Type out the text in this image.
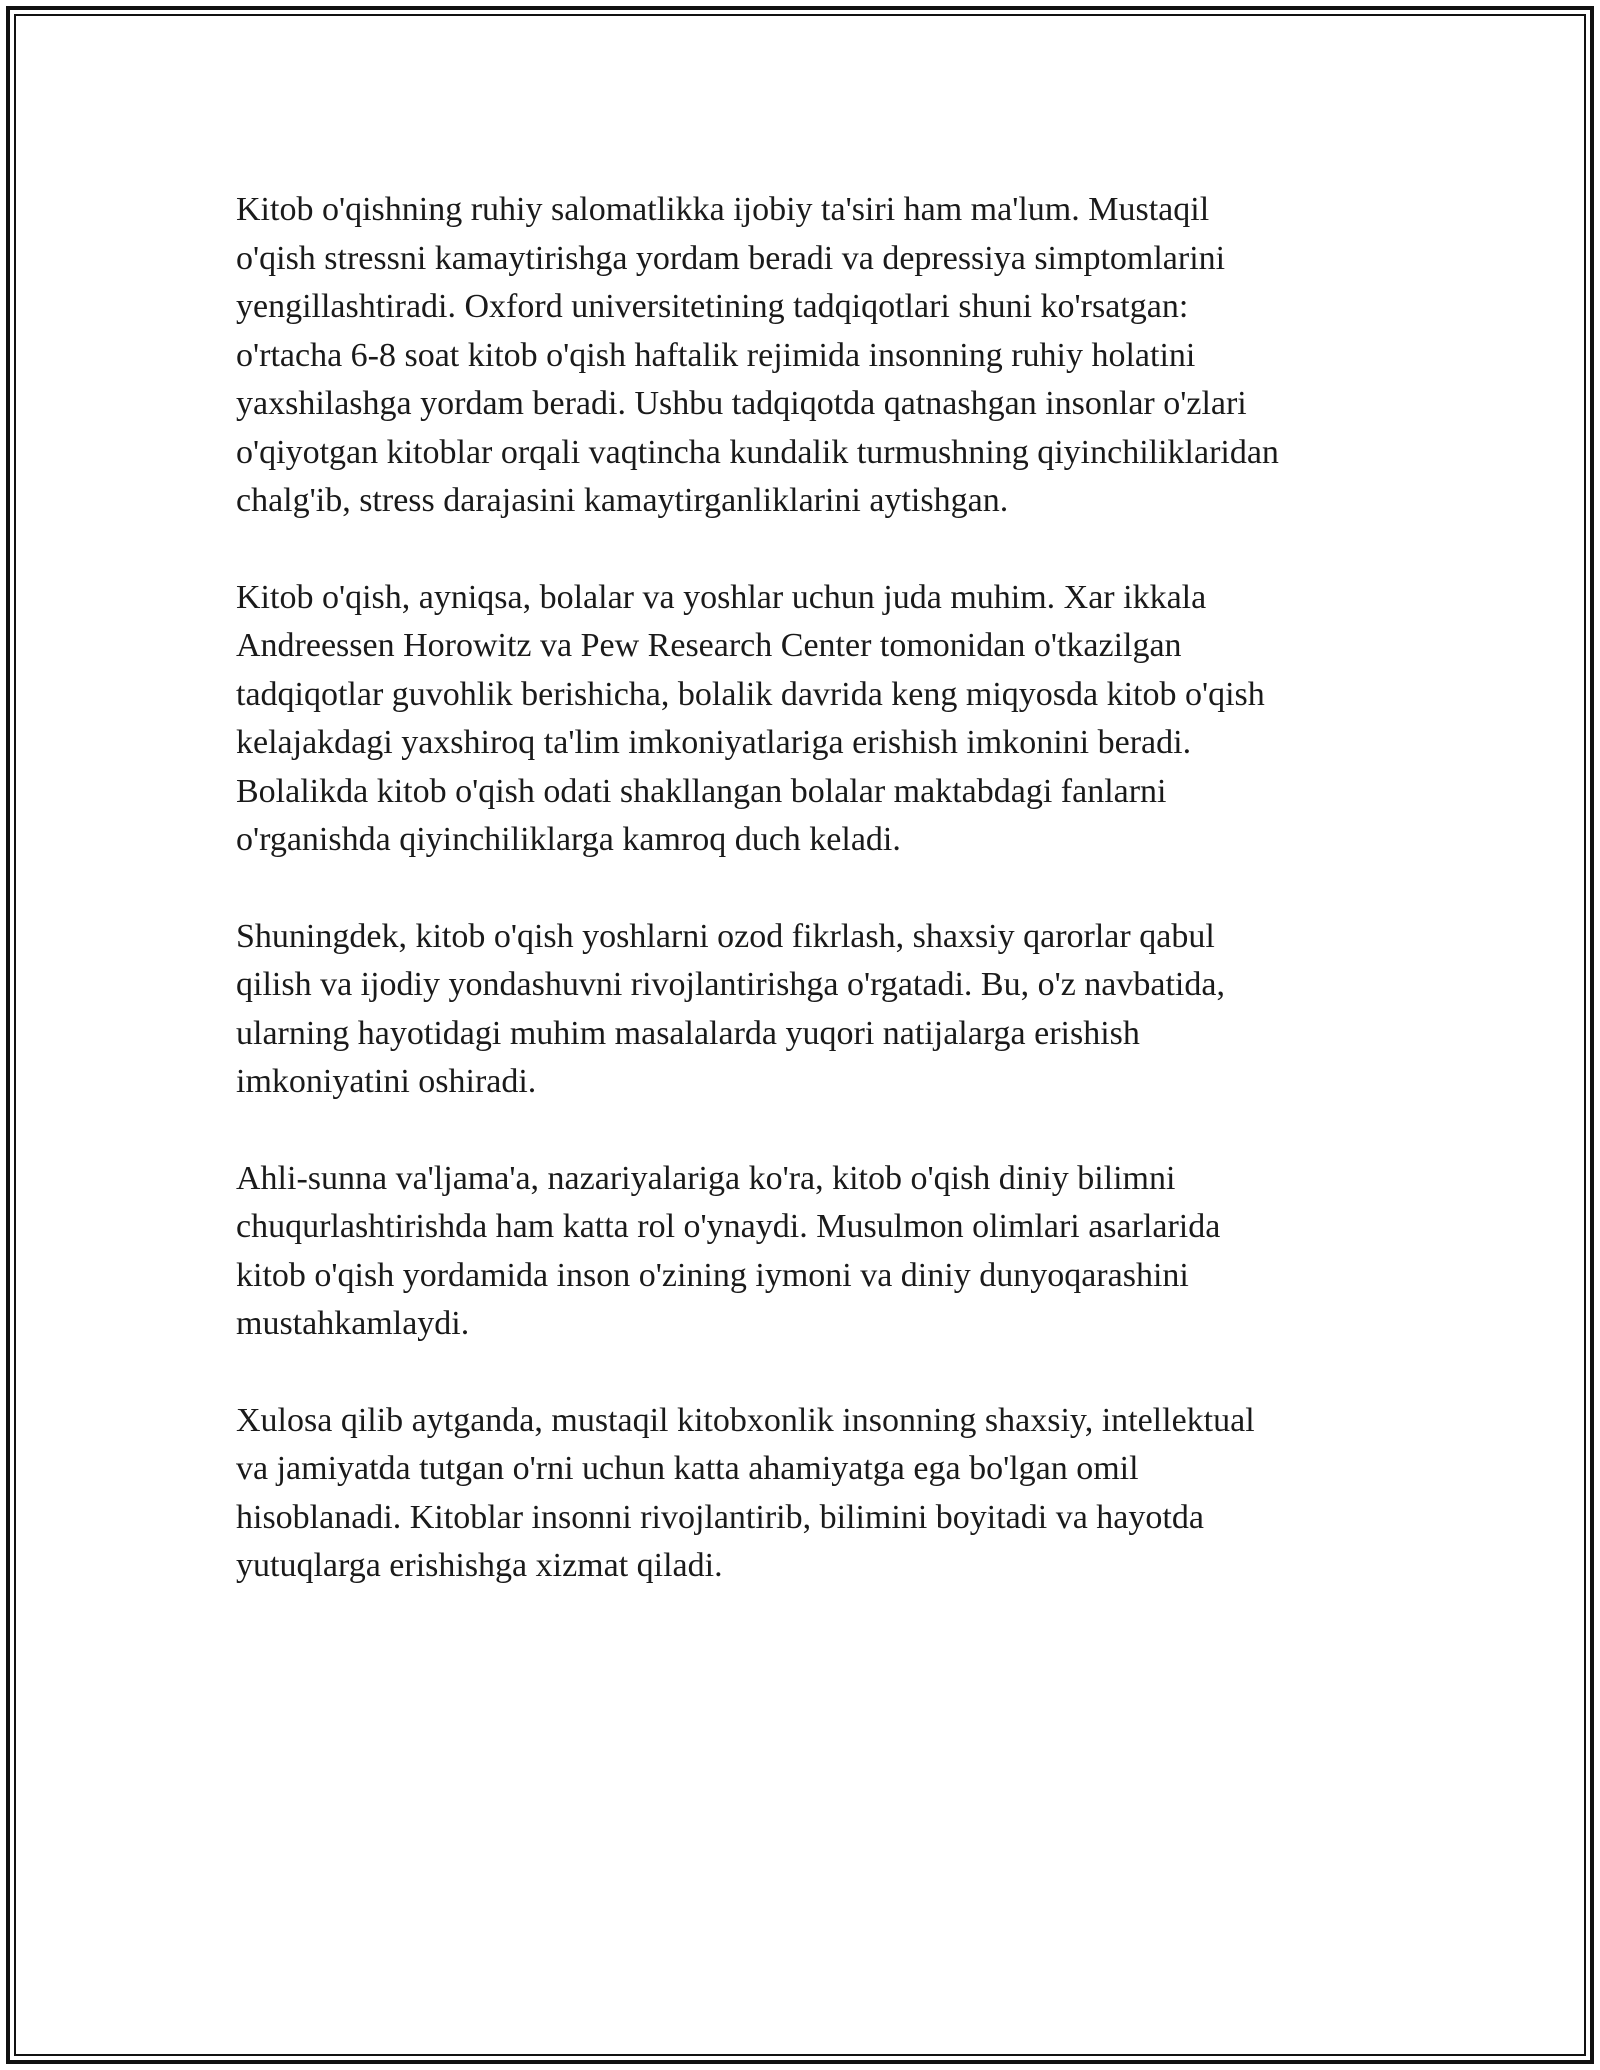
Kitob o'qishning ruhiy salomatlikka ijobiy ta'siri ham ma'lum. Mustaqil
o'qish stressni kamaytirishga yordam beradi va depressiya simptomlarini
yengillashtiradi. Oxford universitetining tadqiqotlari shuni ko'rsatgan:
o'rtacha 6-8 soat kitob o'qish haftalik rejimida insonning ruhiy holatini
yaxshilashga yordam beradi. Ushbu tadqiqotda qatnashgan insonlar o'zlari
o'qiyotgan kitoblar orqali vaqtincha kundalik turmushning qiyinchiliklaridan
chalg'ib, stress darajasini kamaytirganliklarini aytishgan.

Kitob o'qish, ayniqsa, bolalar va yoshlar uchun juda muhim. Xar ikkala
Andreessen Horowitz va Pew Research Center tomonidan o'tkazilgan
tadqiqotlar guvohlik berishicha, bolalik davrida keng miqyosda kitob o'qish
kelajakdagi yaxshiroq ta'lim imkoniyatlariga erishish imkonini beradi.
Bolalikda kitob o'qish odati shakllangan bolalar maktabdagi fanlarni
o'rganishda qiyinchiliklarga kamroq duch keladi.

Shuningdek, kitob o'qish yoshlarni ozod fikrlash, shaxsiy qarorlar qabul
qilish va ijodiy yondashuvni rivojlantirishga o'rgatadi. Bu, o'z navbatida,
ularning hayotidagi muhim masalalarda yuqori natijalarga erishish
imkoniyatini oshiradi.

Ahli-sunna va'ljama'a, nazariyalariga ko'ra, kitob o'qish diniy bilimni
chuqurlashtirishda ham katta rol o'ynaydi. Musulmon olimlari asarlarida
kitob o'qish yordamida inson o'zining iymoni va diniy dunyoqarashini
mustahkamlaydi.

Xulosa qilib aytganda, mustaqil kitobxonlik insonning shaxsiy, intellektual
va jamiyatda tutgan o'rni uchun katta ahamiyatga ega bo'lgan omil
hisoblanadi. Kitoblar insonni rivojlantirib, bilimini boyitadi va hayotda
yutuqlarga erishishga xizmat qiladi.
